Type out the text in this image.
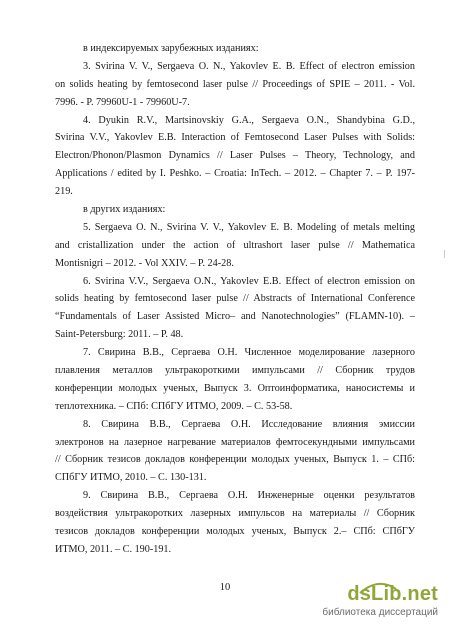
в индексируемых зарубежных изданиях:
3. Svirina V. V., Sergaeva O. N., Yakovlev E. B. Effect of electron emission
on solids heating by femtosecond laser pulse // Proceedings of SPIE – 2011. - Vol.
7996. - P. 79960U-1 - 79960U-7.
4. Dyukin R.V., Martsinovskiy G.A., Sergaeva O.N., Shandybina G.D.,
Svirina V.V., Yakovlev E.B. Interaction of Femtosecond Laser Pulses with Solids:
Electron/Phonon/Plasmon Dynamics // Laser Pulses – Theory, Technology, and
Applications / edited by I. Peshko. – Croatia: InTech. – 2012. – Chapter 7. – P. 197-
219.
в других изданиях:
5. Sergaeva O. N., Svirina V. V., Yakovlev E. B. Modeling of metals melting
and cristallization under the action of ultrashort laser pulse // Mathematica
Montisnigri – 2012. - Vol XXIV. – P. 24-28.
6. Svirina V.V., Sergaeva O.N., Yakovlev E.B. Effect of electron emission on
solids heating by femtosecond laser pulse // Abstracts of International Conference
“Fundamentals of Laser Assisted Micro– and Nanotechnologies” (FLAMN-10). –
Saint-Petersburg: 2011. – P. 48.
7. Свирина В.В., Сергаева О.Н. Численное моделирование лазерного
плавления металлов ультракороткими импульсами // Сборник трудов
конференции молодых ученых, Выпуск 3. Оптоинформатика, наносистемы и
теплотехника. – СПб: СПбГУ ИТМО, 2009. – С. 53-58.
8. Свирина В.В., Сергаева О.Н. Исследование влияния эмиссии
электронов на лазерное нагревание материалов фемтосекундными импульсами
// Сборник тезисов докладов конференции молодых ученых, Выпуск 1. – СПб:
СПбГУ ИТМО, 2010. – С. 130-131.
9. Свирина В.В., Сергаева О.Н. Инженерные оценки результатов
воздействия ультракоротких лазерных импульсов на материалы // Сборник
тезисов докладов конференции молодых ученых, Выпуск 2.– СПб: СПбГУ
ИТМО, 2011. – С. 190-191.
10	dsLib.net
библиотека диссертаций
